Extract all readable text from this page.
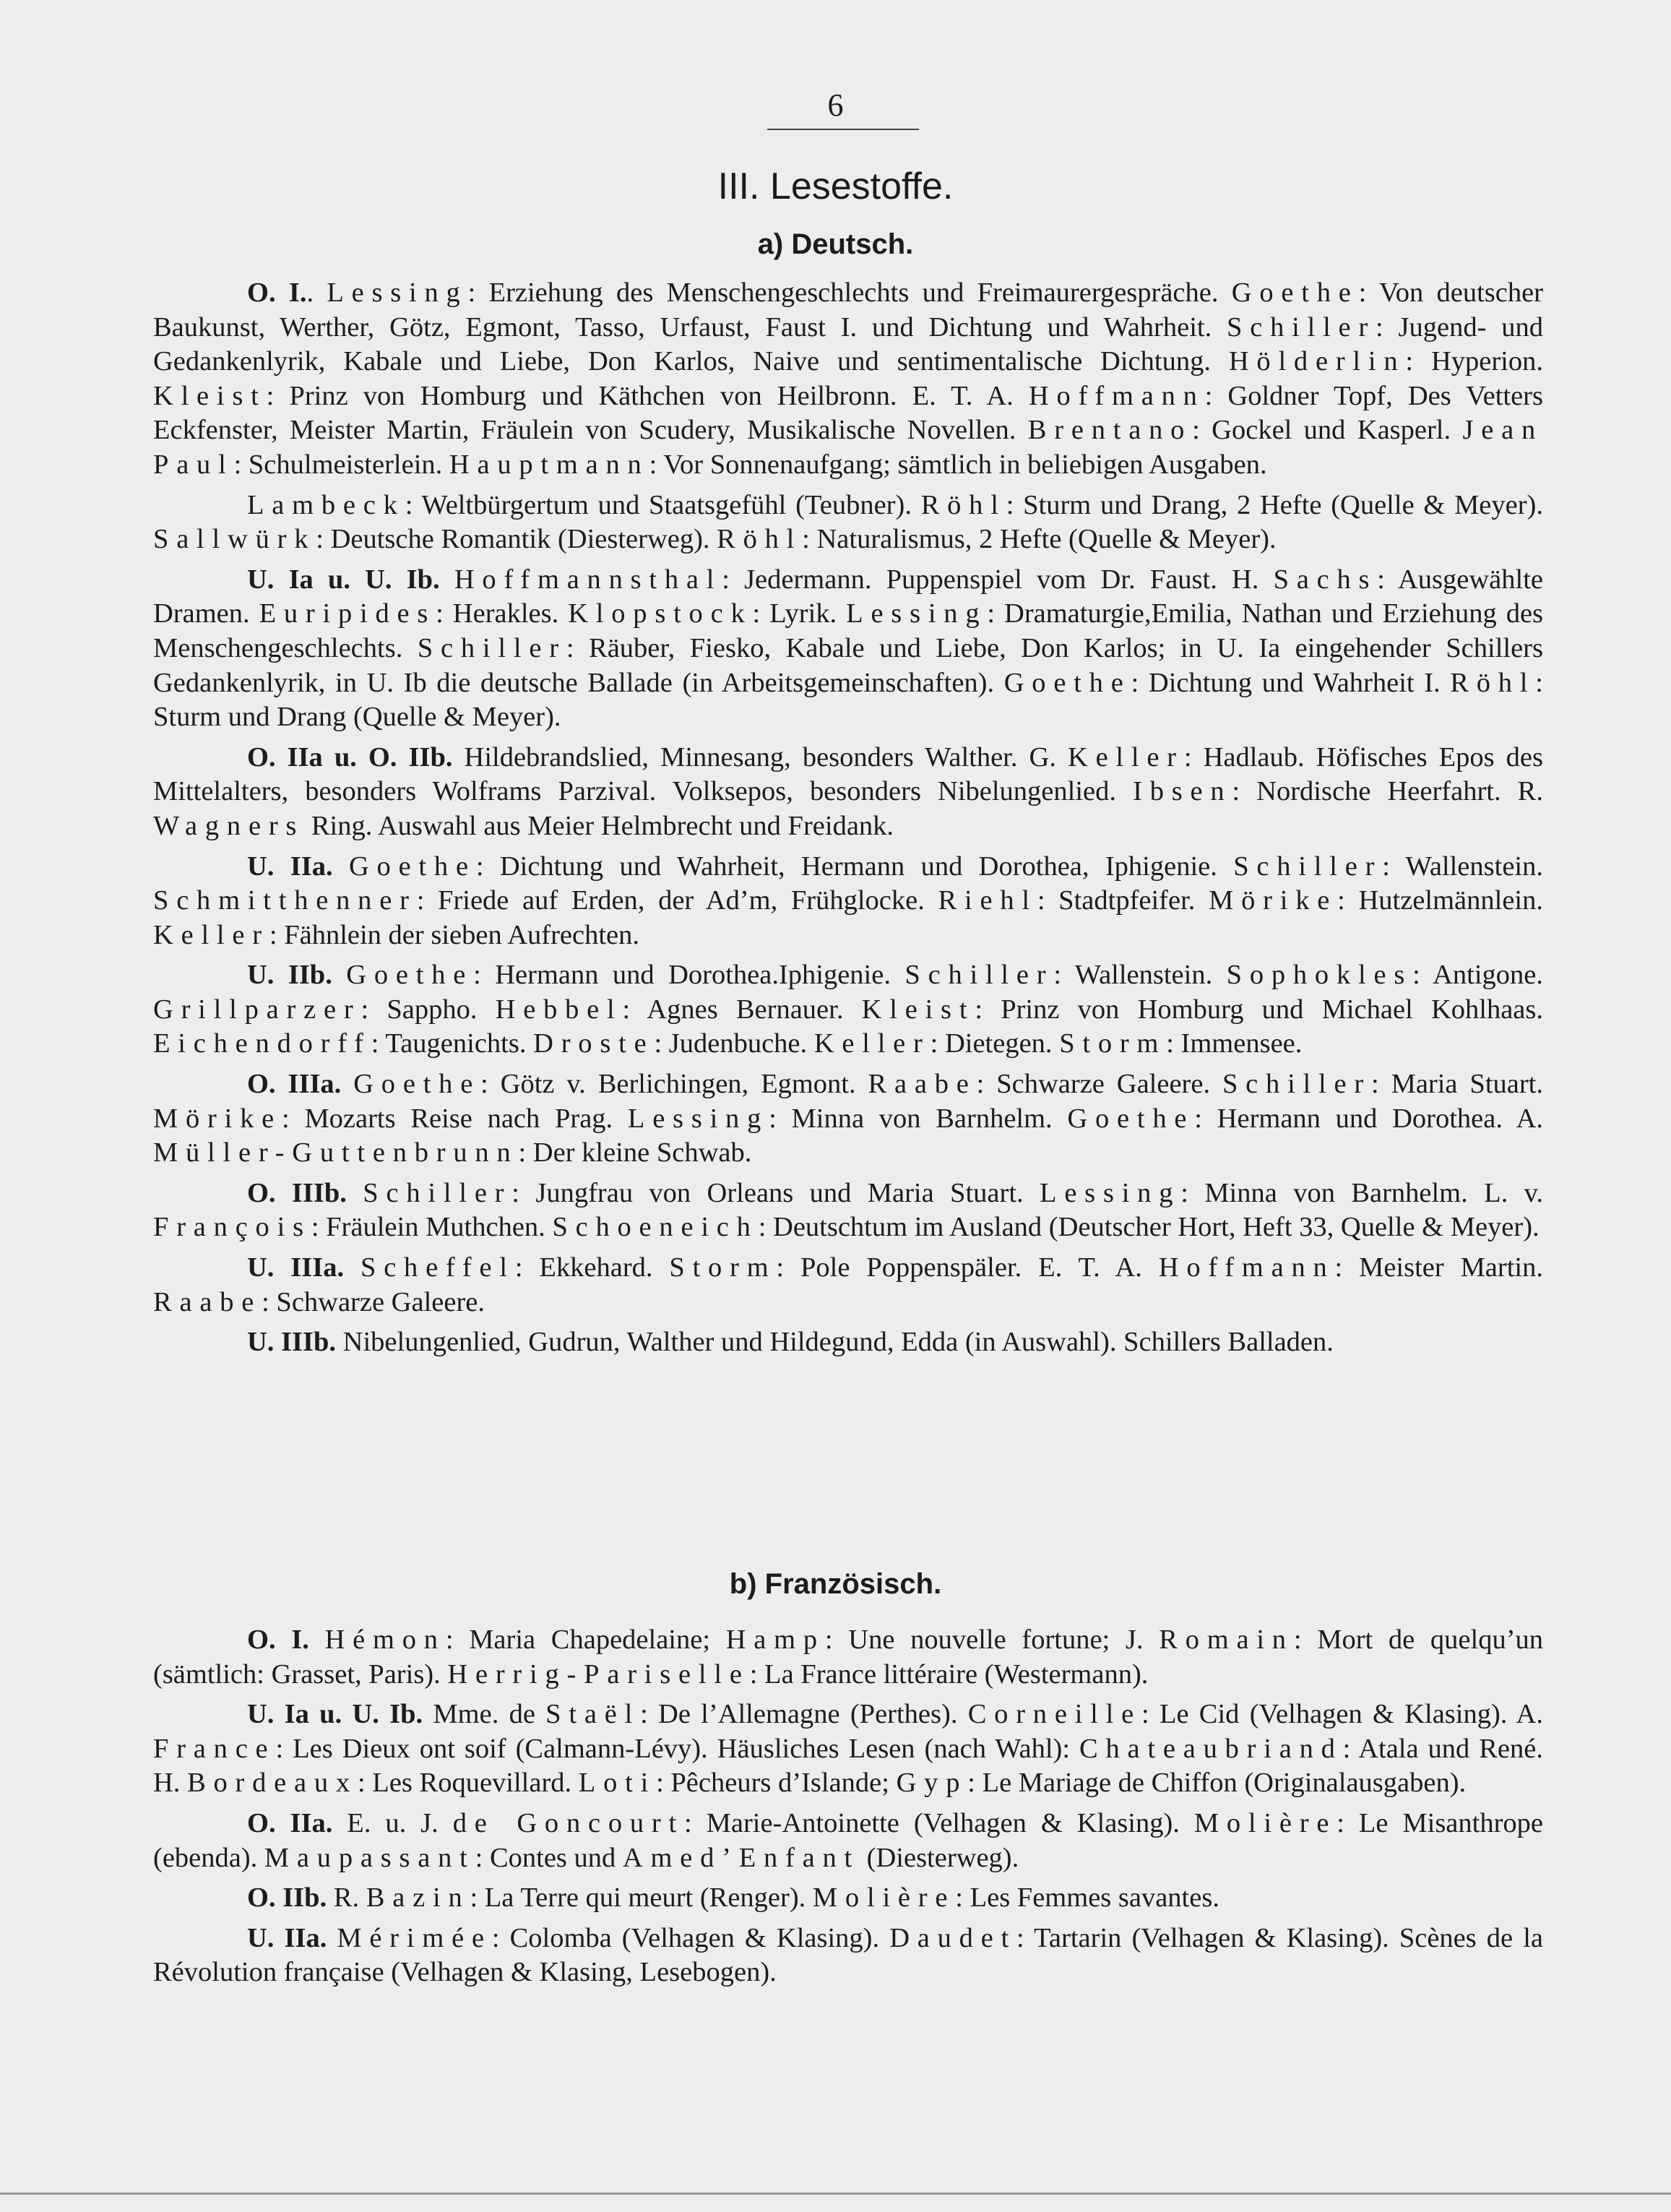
6
III. Lesestoffe.
a) Deutsch.

O. I.. Lessing: Erziehung des Menschengeschlechts und Freimaurergespräche. Goethe: Von deutscher Baukunst, Werther, Götz, Egmont, Tasso, Urfaust, Faust I. und Dichtung und Wahrheit. Schiller: Jugend- und Gedankenlyrik, Kabale und Liebe, Don Karlos, Naive und sentimentalische Dichtung. Hölderlin: Hyperion. Kleist: Prinz von Homburg und Käthchen von Heilbronn. E. T. A. Hoffmann: Goldner Topf, Des Vetters Eckfenster, Meister Martin, Fräulein von Scudery, Musikalische Novellen. Brentano: Gockel und Kasperl. Jean Paul: Schulmeisterlein. Hauptmann: Vor Sonnenaufgang; sämtlich in beliebigen Ausgaben.

Lambeck: Weltbürgertum und Staatsgefühl (Teubner). Röhl: Sturm und Drang, 2 Hefte (Quelle & Meyer). Sallwürk: Deutsche Romantik (Diesterweg). Röhl: Naturalismus, 2 Hefte (Quelle & Meyer).

U. Ia u. U. Ib. Hoffmannsthal: Jedermann. Puppenspiel vom Dr. Faust. H. Sachs: Ausgewählte Dramen. Euripides: Herakles. Klopstock: Lyrik. Lessing: Dramaturgie,Emilia, Nathan und Erziehung des Menschengeschlechts. Schiller: Räuber, Fiesko, Kabale und Liebe, Don Karlos; in U. Ia eingehender Schillers Gedankenlyrik, in U. Ib die deutsche Ballade (in Arbeitsgemeinschaften). Goethe: Dichtung und Wahrheit I. Röhl: Sturm und Drang (Quelle & Meyer).

O. IIa u. O. IIb. Hildebrandslied, Minnesang, besonders Walther. G. Keller: Hadlaub. Höfisches Epos des Mittelalters, besonders Wolframs Parzival. Volksepos, besonders Nibelungenlied. Ibsen: Nordische Heerfahrt. R. Wagners Ring. Auswahl aus Meier Helmbrecht und Freidank.

U. IIa. Goethe: Dichtung und Wahrheit, Hermann und Dorothea, Iphigenie. Schiller: Wallenstein. Schmitthenner: Friede auf Erden, der Ad’m, Frühglocke. Riehl: Stadtpfeifer. Mörike: Hutzelmännlein. Keller: Fähnlein der sieben Aufrechten.

U. IIb. Goethe: Hermann und Dorothea.Iphigenie. Schiller: Wallenstein. Sophokles: Antigone. Grillparzer: Sappho. Hebbel: Agnes Bernauer. Kleist: Prinz von Homburg und Michael Kohlhaas. Eichendorff: Taugenichts. Droste: Judenbuche. Keller: Dietegen. Storm: Immensee.

O. IIIa. Goethe: Götz v. Berlichingen, Egmont. Raabe: Schwarze Galeere. Schiller: Maria Stuart. Mörike: Mozarts Reise nach Prag. Lessing: Minna von Barnhelm. Goethe: Hermann und Dorothea. A. Müller-Guttenbrunn: Der kleine Schwab.

O. IIIb. Schiller: Jungfrau von Orleans und Maria Stuart. Lessing: Minna von Barnhelm. L. v. François: Fräulein Muthchen. Schoeneich: Deutschtum im Ausland (Deutscher Hort, Heft 33, Quelle & Meyer).

U. IIIa. Scheffel: Ekkehard. Storm: Pole Poppenspäler. E. T. A. Hoffmann: Meister Martin. Raabe: Schwarze Galeere.

U. IIIb. Nibelungenlied, Gudrun, Walther und Hildegund, Edda (in Auswahl). Schillers Balladen.

b) Französisch.

O. I. Hémon: Maria Chapedelaine; Hamp: Une nouvelle fortune; J. Romain: Mort de quelqu’un (sämtlich: Grasset, Paris). Herrig-Pariselle: La France littéraire (Westermann).

U. Ia u. U. Ib. Mme. de Staël: De l’Allemagne (Perthes). Corneille: Le Cid (Velhagen & Klasing). A. France: Les Dieux ont soif (Calmann-Lévy). Häusliches Lesen (nach Wahl): Chateaubriand: Atala und René. H. Bordeaux: Les Roquevillard. Loti: Pêcheurs d’Islande; Gyp: Le Mariage de Chiffon (Originalausgaben).

O. IIa. E. u. J. de Goncourt: Marie-Antoinette (Velhagen & Klasing). Molière: Le Misanthrope (ebenda). Maupassant: Contes und Amed’Enfant (Diesterweg).

O. IIb. R. Bazin: La Terre qui meurt (Renger). Molière: Les Femmes savantes.

U. IIa. Mérimée: Colomba (Velhagen & Klasing). Daudet: Tartarin (Velhagen & Klasing). Scènes de la Révolution française (Velhagen & Klasing, Lesebogen).
